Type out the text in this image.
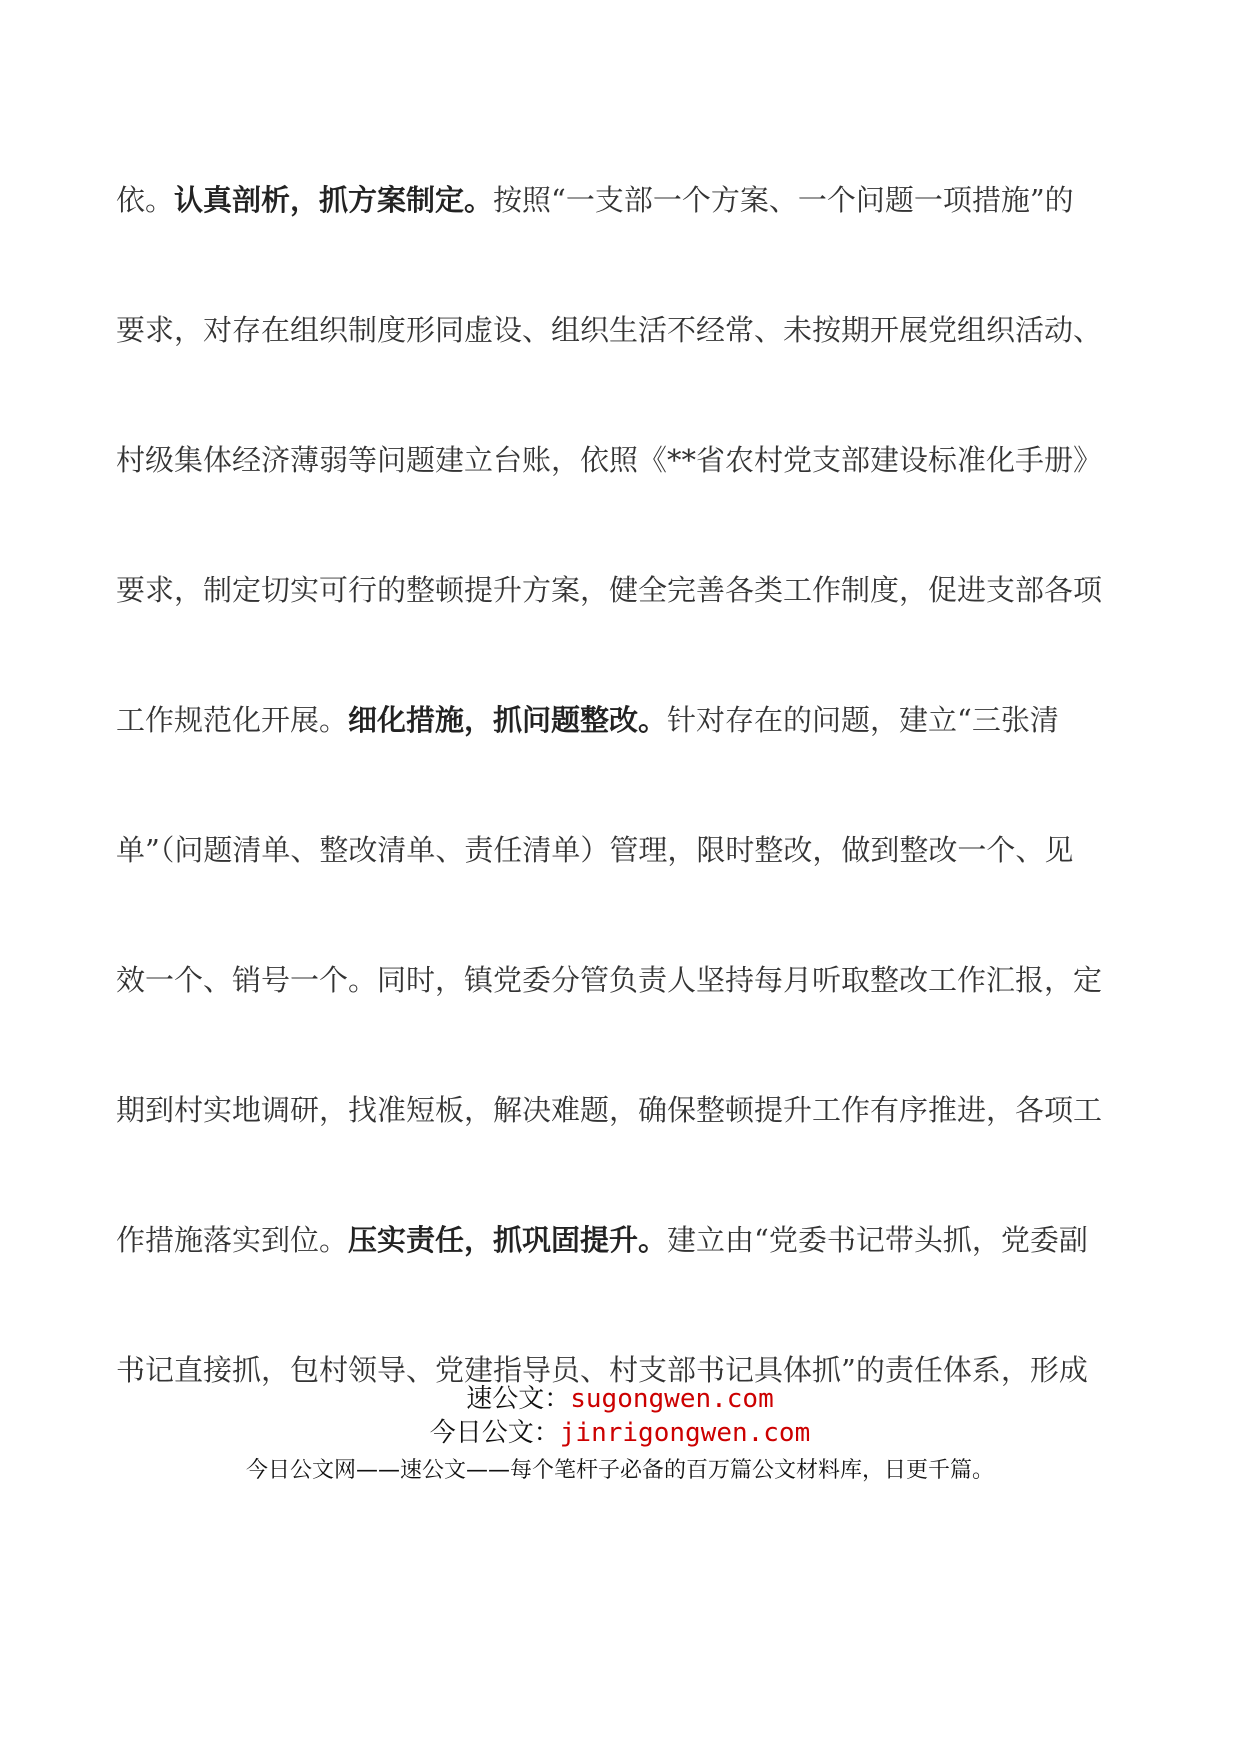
依。认真剖析，抓方案制定。按照“一支部一个方案、一个问题一项措施”的
要求，对存在组织制度形同虚设、组织生活不经常、未按期开展党组织活动、
村级集体经济薄弱等问题建立台账，依照《**省农村党支部建设标准化手册》
要求，制定切实可行的整顿提升方案，健全完善各类工作制度，促进支部各项
工作规范化开展。细化措施，抓问题整改。针对存在的问题，建立“三张清
单”（问题清单、整改清单、责任清单）管理，限时整改，做到整改一个、见
效一个、销号一个。同时，镇党委分管负责人坚持每月听取整改工作汇报，定
期到村实地调研，找准短板，解决难题，确保整顿提升工作有序推进，各项工
作措施落实到位。压实责任，抓巩固提升。建立由“党委书记带头抓，党委副
书记直接抓，包村领导、党建指导员、村支部书记具体抓”的责任体系，形成
速公文：sugongwen.com
今日公文：jinrigongwen.com
今日公文网——速公文——每个笔杆子必备的百万篇公文材料库，日更千篇。
